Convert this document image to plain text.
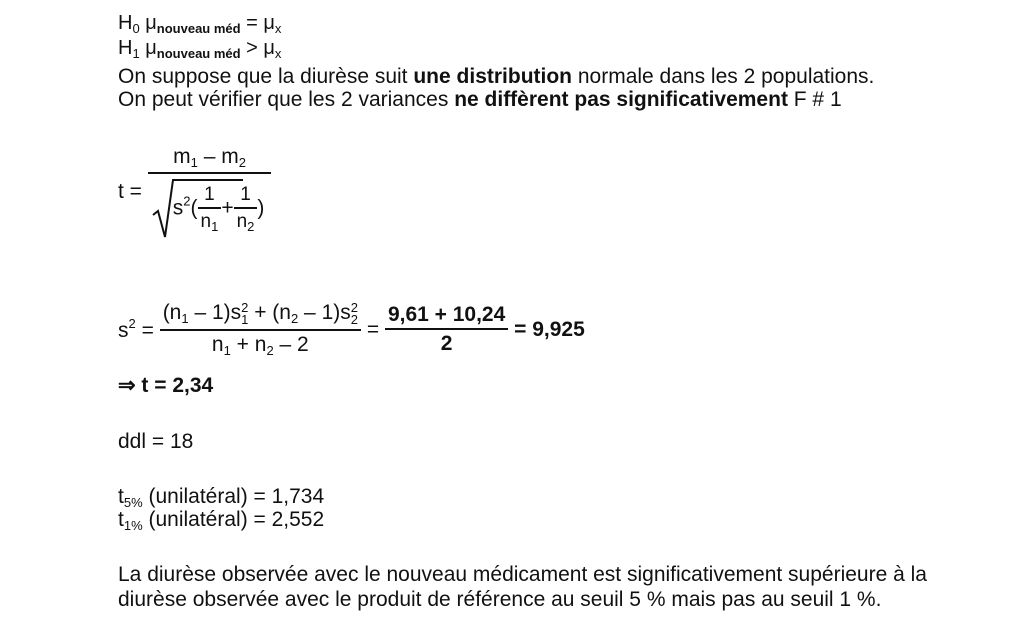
$H_0$ $\mu_{nouveau méd} = \mu_x$
$H_1$ $\mu_{nouveau méd} > \mu_x$
On suppose que la diurèse suit une distribution normale dans les 2 populations.
On peut vérifier que les 2 variances ne diffèrent pas significativement F # 1
$t = \frac{m_1 - m_2}{s^2( \frac{1}{n_1} + \frac{1}{n_2} )}$
$s^2 = (n_1 - 1)s$ 2
$1 + (n_2 - 1)s$ 2
2
$n_1 + n_2 - 2 = \frac{9,61 + 10,24}{2} = 9,925$
⇒ t = 2,34
ddl = 18
$t_{5\%}$ (unilatéral) = 1,734
$t_{1\%}$ (unilatéral) = 2,552
La diurèse observée avec le nouveau médicament est significativement supérieure à la
diurèse observée avec le produit de référence au seuil 5 % mais pas au seuil 1 %.
